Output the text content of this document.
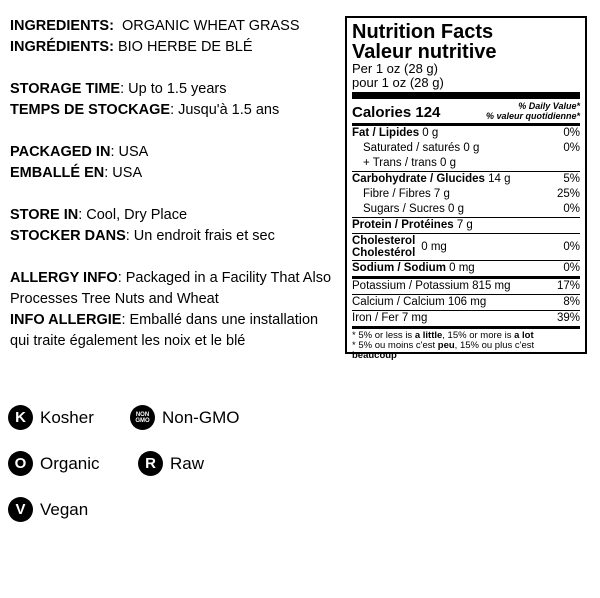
INGREDIENTS: ORGANIC WHEAT GRASS
INGRÉDIENTS: BIO HERBE DE BLÉ

STORAGE TIME: Up to 1.5 years
TEMPS DE STOCKAGE: Jusqu'à 1.5 ans

PACKAGED IN: USA
EMBALLÉ EN: USA

STORE IN: Cool, Dry Place
STOCKER DANS: Un endroit frais et sec

ALLERGY INFO: Packaged in a Facility That Also Processes Tree Nuts and Wheat
INFO ALLERGIE: Emballé dans une installation qui traite également les noix et le blé

K Kosher	NON
GMO Non-GMO
O Organic	R Raw
V Vegan
Nutrition Facts
Valeur nutritive
Per 1 oz (28 g)
pour 1 oz (28 g)
Calories 124	% Daily Value*
% valeur quotidienne*
Fat / Lipides 0 g	0%
Saturated / saturés 0 g	0%
+ Trans / trans 0 g
Carbohydrate / Glucides 14 g	5%
Fibre / Fibres 7 g	25%
Sugars / Sucres 0 g	0%
Protein / Protéines 7 g
Cholesterol
Cholestérol
0 mg	0%
Sodium / Sodium 0 mg	0%
Potassium / Potassium 815 mg	17%
Calcium / Calcium 106 mg	8%
Iron / Fer 7 mg	39%
* 5% or less is a little, 15% or more is a lot
* 5% ou moins c'est peu, 15% ou plus c'est beaucoup
